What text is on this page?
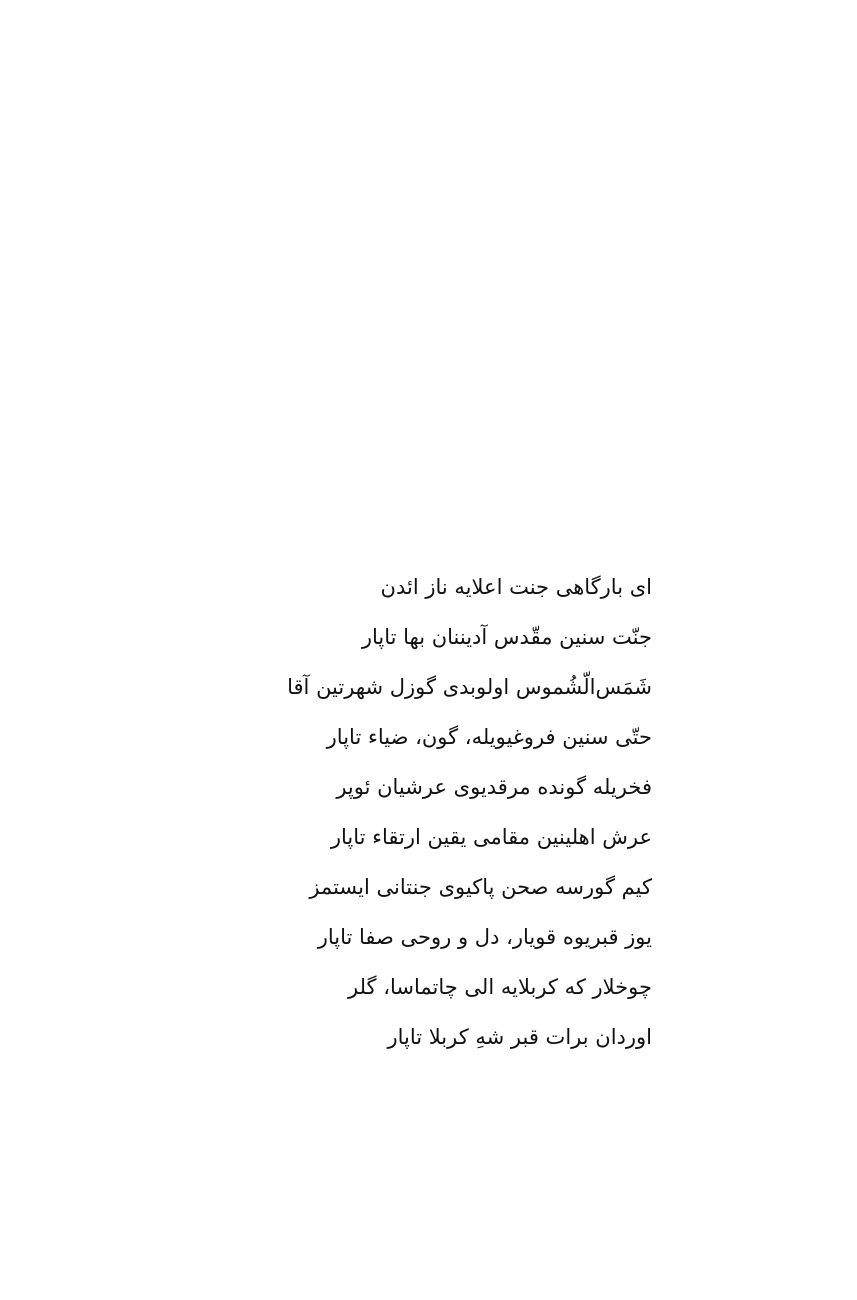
ای بارگاهی جنت اعلایه ناز ائدن
جنّت سنین مقّدس آدیننان بها تاپار
شَمَس‌الّشُموس اولوبدی گوزل شهرتین آقا
حتّی سنین فروغیویله، گون، ضیاء تاپار
فخریله گونده مرقدیوی عرشیان ئوپر
عرش اهلینین مقامی یقین ارتقاء تاپار
کیم گورسه صحن پاکیوی جنتانی ایستمز
یوز قبریوه قویار، دل و روحی صفا تاپار
چوخلار که کربلایه الی چاتماسا، گلر
اوردان برات قبر شهِ کربلا تاپار
